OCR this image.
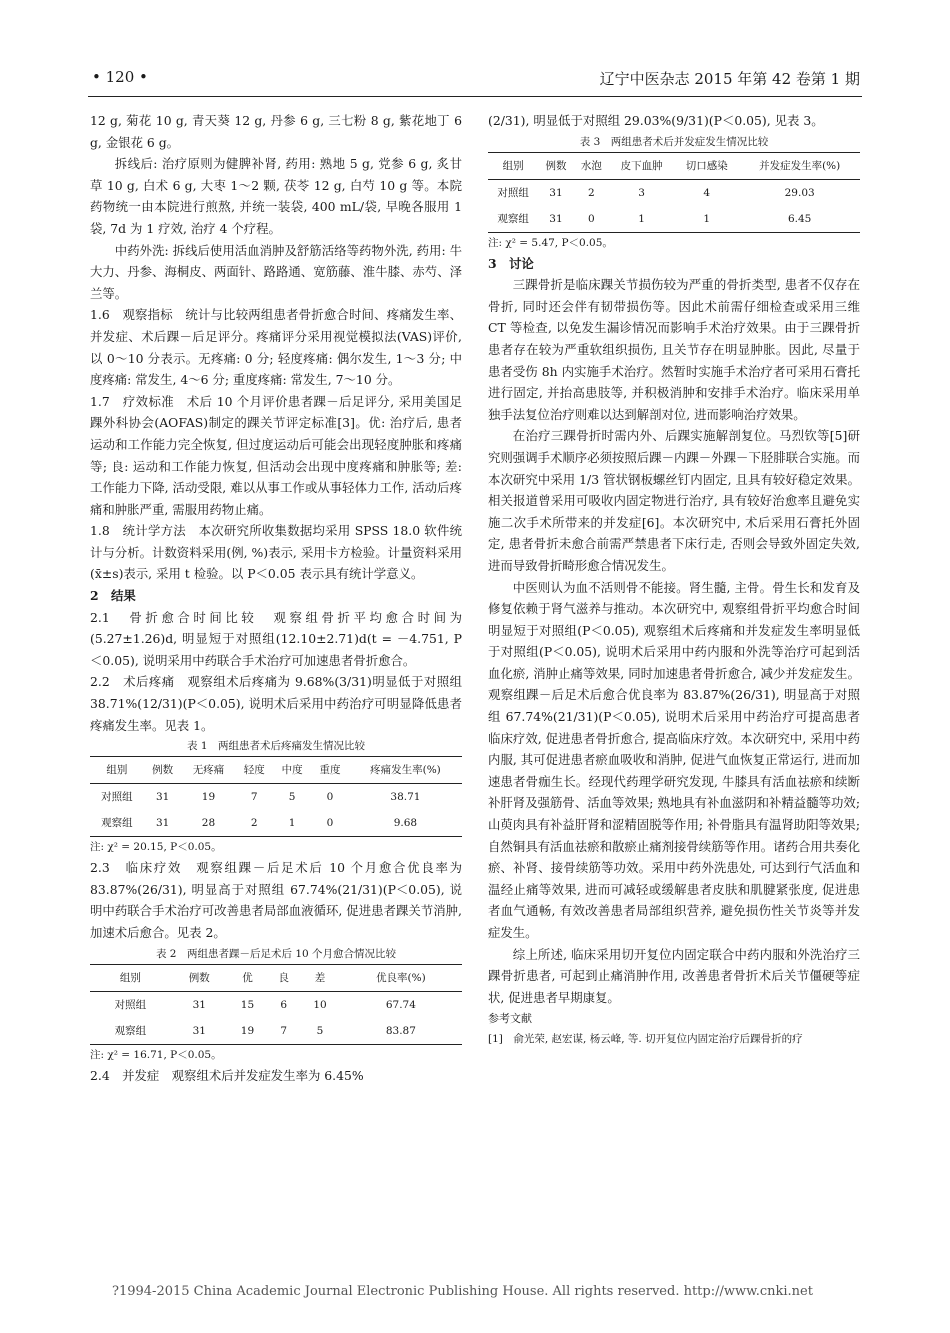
• 120 •	辽宁中医杂志 2015 年第 42 卷第 1 期

12 g, 菊花 10 g, 青天葵 12 g, 丹参 6 g, 三七粉 8 g, 紫花地丁 6 g, 金银花 6 g。

拆线后: 治疗原则为健脾补肾, 药用: 熟地 5 g, 党参 6 g, 炙甘草 10 g, 白术 6 g, 大枣 1～2 颗, 茯苓 12 g, 白芍 10 g 等。本院药物统一由本院进行煎熬, 并统一装袋, 400 mL/袋, 早晚各服用 1 袋, 7d 为 1 疗效, 治疗 4 个疗程。

中药外洗: 拆线后使用活血消肿及舒筋活络等药物外洗, 药用: 牛大力、丹参、海桐皮、两面针、路路通、宽筋藤、淮牛膝、赤芍、泽兰等。

1.6　观察指标　统计与比较两组患者骨折愈合时间、疼痛发生率、并发症、术后踝－后足评分。疼痛评分采用视觉模拟法(VAS)评价, 以 0～10 分表示。无疼痛: 0 分; 轻度疼痛: 偶尔发生, 1～3 分; 中度疼痛: 常发生, 4～6 分; 重度疼痛: 常发生, 7～10 分。

1.7　疗效标准　术后 10 个月评价患者踝－后足评分, 采用美国足踝外科协会(AOFAS)制定的踝关节评定标准[3]。优: 治疗后, 患者运动和工作能力完全恢复, 但过度运动后可能会出现轻度肿胀和疼痛等; 良: 运动和工作能力恢复, 但活动会出现中度疼痛和肿胀等; 差: 工作能力下降, 活动受限, 难以从事工作或从事轻体力工作, 活动后疼痛和肿胀严重, 需服用药物止痛。

1.8　统计学方法　本次研究所收集数据均采用 SPSS 18.0 软件统计与分析。计数资料采用(例, %)表示, 采用卡方检验。计量资料采用(x̄±s)表示, 采用 t 检验。以 P＜0.05 表示具有统计学意义。

2　结果

2.1　骨折愈合时间比较　观察组骨折平均愈合时间为(5.27±1.26)d, 明显短于对照组(12.10±2.71)d(t = －4.751, P＜0.05), 说明采用中药联合手术治疗可加速患者骨折愈合。

2.2　术后疼痛　观察组术后疼痛为 9.68%(3/31)明显低于对照组 38.71%(12/31)(P＜0.05), 说明术后采用中药治疗可明显降低患者疼痛发生率。见表 1。

表 1　两组患者术后疼痛发生情况比较
组别	例数	无疼痛	轻度	中度	重度	疼痛发生率(%)
对照组	31	19	7	5	0	38.71
观察组	31	28	2	1	0	9.68
注: χ² = 20.15, P＜0.05。

2.3　临床疗效　观察组踝－后足术后 10 个月愈合优良率为 83.87%(26/31), 明显高于对照组 67.74%(21/31)(P＜0.05), 说明中药联合手术治疗可改善患者局部血液循环, 促进患者踝关节消肿, 加速术后愈合。见表 2。

表 2　两组患者踝－后足术后 10 个月愈合情况比较
组别	例数	优	良	差	优良率(%)
对照组	31	15	6	10	67.74
观察组	31	19	7	5	83.87
注: χ² = 16.71, P＜0.05。

2.4　并发症　观察组术后并发症发生率为 6.45%

(2/31), 明显低于对照组 29.03%(9/31)(P＜0.05), 见表 3。

表 3　两组患者术后并发症发生情况比较
组别	例数	水泡	皮下血肿	切口感染	并发症发生率(%)
对照组	31	2	3	4	29.03
观察组	31	0	1	1	6.45
注: χ² = 5.47, P＜0.05。

3　讨论

三踝骨折是临床踝关节损伤较为严重的骨折类型, 患者不仅存在骨折, 同时还会伴有韧带损伤等。因此术前需仔细检查或采用三维 CT 等检查, 以免发生漏诊情况而影响手术治疗效果。由于三踝骨折患者存在较为严重软组织损伤, 且关节存在明显肿胀。因此, 尽量于患者受伤 8h 内实施手术治疗。然暂时实施手术治疗者可采用石膏托进行固定, 并抬高患肢等, 并积极消肿和安排手术治疗。临床采用单独手法复位治疗则难以达到解剖对位, 进而影响治疗效果。

在治疗三踝骨折时需内外、后踝实施解剖复位。马烈钦等[5]研究则强调手术顺序必须按照后踝－内踝－外踝－下胫腓联合实施。而本次研究中采用 1/3 管状钢板螺丝钉内固定, 且具有较好稳定效果。相关报道曾采用可吸收内固定物进行治疗, 具有较好治愈率且避免实施二次手术所带来的并发症[6]。本次研究中, 术后采用石膏托外固定, 患者骨折未愈合前需严禁患者下床行走, 否则会导致外固定失效, 进而导致骨折畸形愈合情况发生。

中医则认为血不活则骨不能接。肾生髓, 主骨。骨生长和发育及修复依赖于肾气滋养与推动。本次研究中, 观察组骨折平均愈合时间明显短于对照组(P＜0.05), 观察组术后疼痛和并发症发生率明显低于对照组(P＜0.05), 说明术后采用中药内服和外洗等治疗可起到活血化瘀, 消肿止痛等效果, 同时加速患者骨折愈合, 减少并发症发生。观察组踝－后足术后愈合优良率为 83.87%(26/31), 明显高于对照组 67.74%(21/31)(P＜0.05), 说明术后采用中药治疗可提高患者临床疗效, 促进患者骨折愈合, 提高临床疗效。本次研究中, 采用中药内服, 其可促进患者瘀血吸收和消肿, 促进气血恢复正常运行, 进而加速患者骨痂生长。经现代药理学研究发现, 牛膝具有活血祛瘀和续断补肝肾及强筋骨、活血等效果; 熟地具有补血滋阴和补精益髓等功效; 山萸肉具有补益肝肾和涩精固脱等作用; 补骨脂具有温肾助阳等效果; 自然铜具有活血祛瘀和散瘀止痛剂接骨续筋等作用。诸药合用共奏化瘀、补肾、接骨续筋等功效。采用中药外洗患处, 可达到行气活血和温经止痛等效果, 进而可减轻或缓解患者皮肤和肌腱紧张度, 促进患者血气通畅, 有效改善患者局部组织营养, 避免损伤性关节炎等并发症发生。

综上所述, 临床采用切开复位内固定联合中药内服和外洗治疗三踝骨折患者, 可起到止痛消肿作用, 改善患者骨折术后关节僵硬等症状, 促进患者早期康复。

参考文献

[1]　俞光荣, 赵宏谋, 杨云峰, 等. 切开复位内固定治疗后踝骨折的疗

?1994-2015 China Academic Journal Electronic Publishing House. All rights reserved. http://www.cnki.net
